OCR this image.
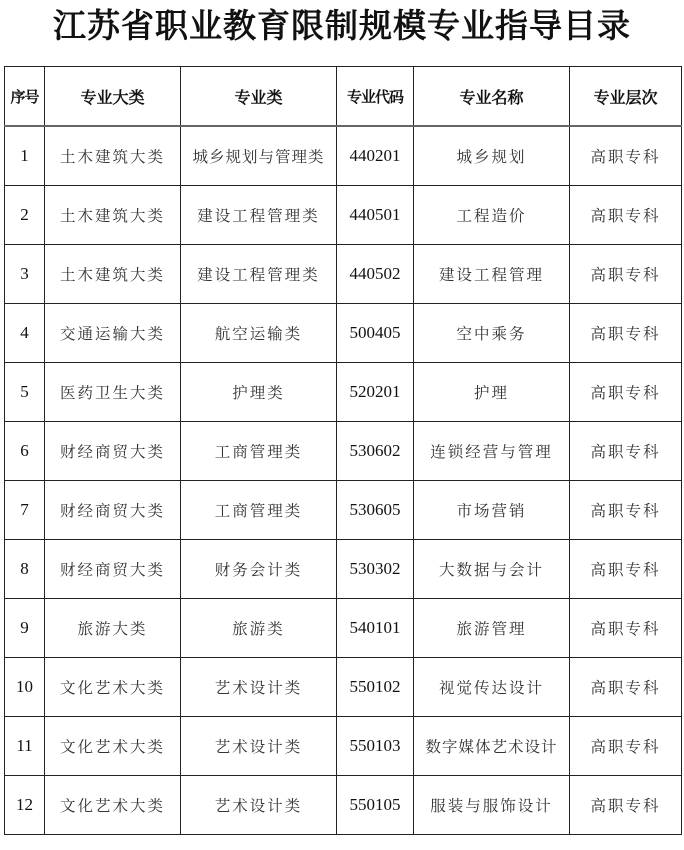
江苏省职业教育限制规模专业指导目录
序号	专业大类	专业类	专业代码	专业名称	专业层次
1	土木建筑大类	城乡规划与管理类	440201	城乡规划	高职专科
2	土木建筑大类	建设工程管理类	440501	工程造价	高职专科
3	土木建筑大类	建设工程管理类	440502	建设工程管理	高职专科
4	交通运输大类	航空运输类	500405	空中乘务	高职专科
5	医药卫生大类	护理类	520201	护理	高职专科
6	财经商贸大类	工商管理类	530602	连锁经营与管理	高职专科
7	财经商贸大类	工商管理类	530605	市场营销	高职专科
8	财经商贸大类	财务会计类	530302	大数据与会计	高职专科
9	旅游大类	旅游类	540101	旅游管理	高职专科
10	文化艺术大类	艺术设计类	550102	视觉传达设计	高职专科
11	文化艺术大类	艺术设计类	550103	数字媒体艺术设计	高职专科
12	文化艺术大类	艺术设计类	550105	服装与服饰设计	高职专科
